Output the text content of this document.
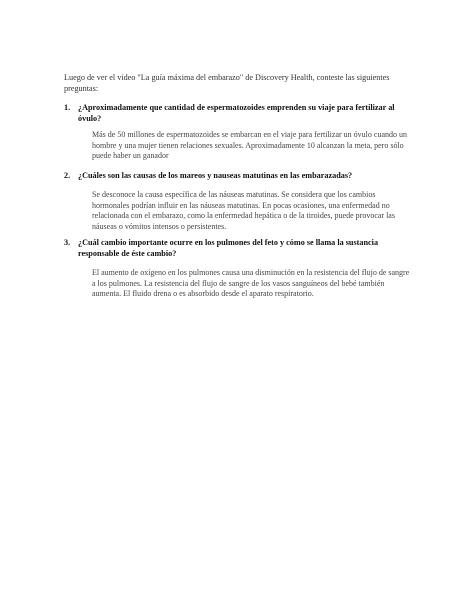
Luego de ver el video "La guía máxima del embarazo" de Discovery Health, conteste las siguientes preguntas:

1. ¿Aproximadamente que cantidad de espermatozoides emprenden su viaje para fertilizar al óvulo?

Más de 50 millones de espermatozoides se embarcan en el viaje para fertilizar un óvulo cuando un hombre y una mujer tienen relaciones sexuales. Aproximadamente 10 alcanzan la meta, pero sólo puede haber un ganador

2. ¿Cuáles son las causas de los mareos y nauseas matutinas en las embarazadas?

Se desconoce la causa específica de las náuseas matutinas. Se considera que los cambios hormonales podrían influir en las náuseas matutinas. En pocas ocasiones, una enfermedad no relacionada con el embarazo, como la enfermedad hepática o de la tiroides, puede provocar las náuseas o vómitos intensos o persistentes.

3. ¿Cuál cambio importante ocurre en los pulmones del feto y cómo se llama la sustancia responsable de éste cambio?

El aumento de oxígeno en los pulmones causa una disminución en la resistencia del flujo de sangre a los pulmones. La resistencia del flujo de sangre de los vasos sanguíneos del bebé también aumenta. El fluido drena o es absorbido desde el aparato respiratorio.
